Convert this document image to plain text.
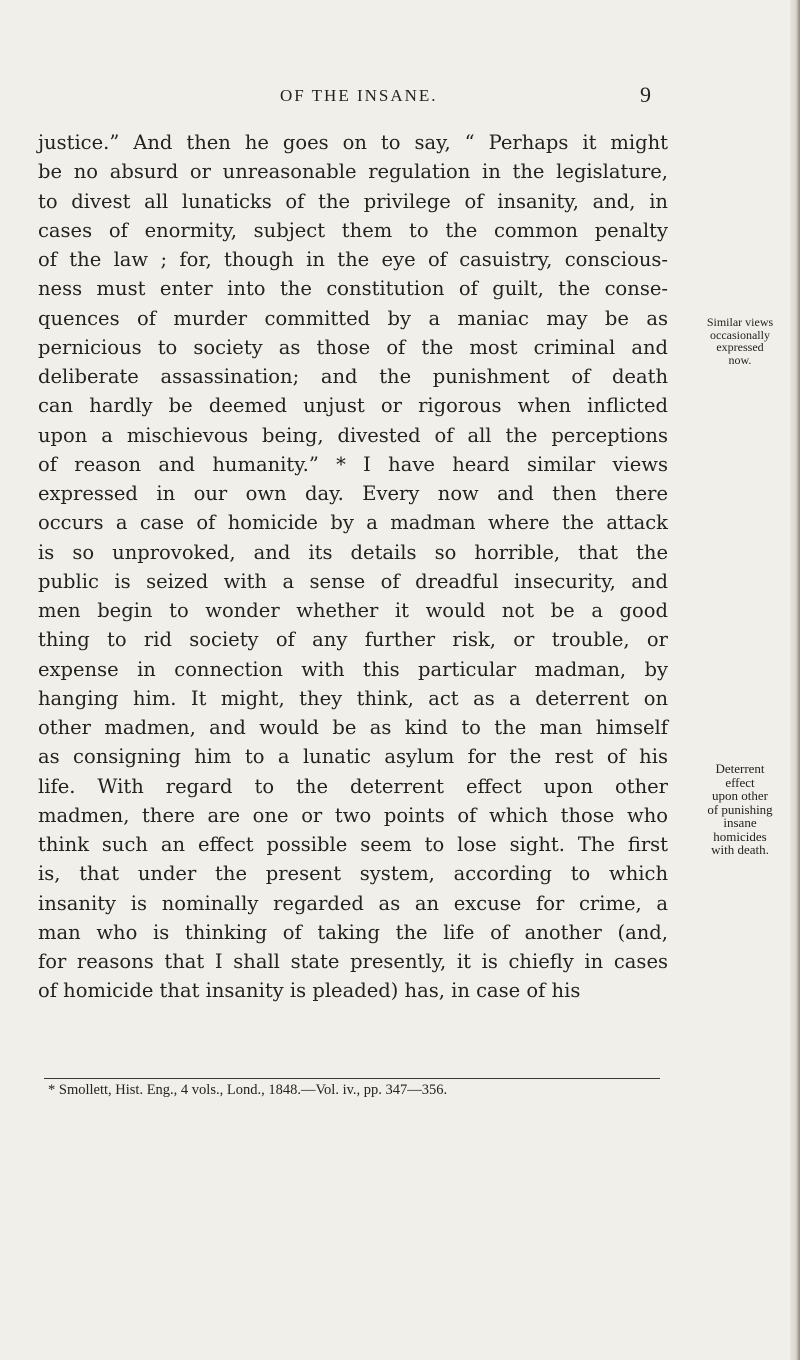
OF THE INSANE.	9
justice.” And then he goes on to say, “ Perhaps it might
be no absurd or unreasonable regulation in the legislature,
to divest all lunaticks of the privilege of insanity, and, in
cases of enormity, subject them to the common penalty
of the law ; for, though in the eye of casuistry, conscious-
ness must enter into the constitution of guilt, the conse-
quences of murder committed by a maniac may be as
pernicious to society as those of the most criminal and
deliberate assassination; and the punishment of death
can hardly be deemed unjust or rigorous when inflicted
upon a mischievous being, divested of all the perceptions
of reason and humanity.” * I have heard similar views
expressed in our own day. Every now and then there
occurs a case of homicide by a madman where the attack
is so unprovoked, and its details so horrible, that the
public is seized with a sense of dreadful insecurity, and
men begin to wonder whether it would not be a good
thing to rid society of any further risk, or trouble, or
expense in connection with this particular madman, by
hanging him. It might, they think, act as a deterrent on
other madmen, and would be as kind to the man himself
as consigning him to a lunatic asylum for the rest of his
life. With regard to the deterrent effect upon other
madmen, there are one or two points of which those who
think such an effect possible seem to lose sight. The first
is, that under the present system, according to which
insanity is nominally regarded as an excuse for crime, a
man who is thinking of taking the life of another (and,
for reasons that I shall state presently, it is chiefly in cases
of homicide that insanity is pleaded) has, in case of his
Similar views
occasionally
expressed
now.
Deterrent
effect
upon other
of punishing
insane
homicides
with death.
* Smollett, Hist. Eng., 4 vols., Lond., 1848.—Vol. iv., pp. 347—356.
